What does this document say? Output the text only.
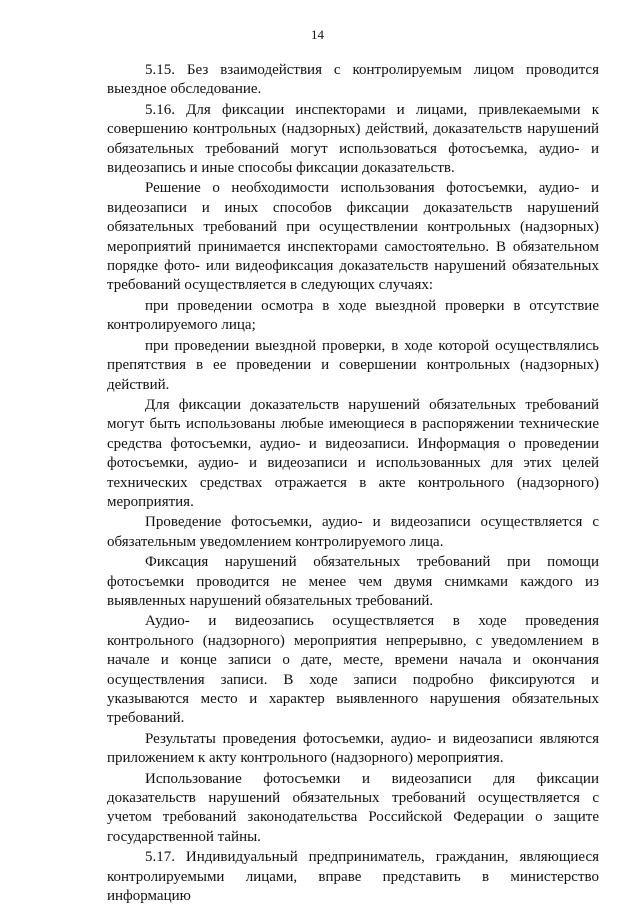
14

5.15. Без взаимодействия с контролируемым лицом проводится выездное обследование.

5.16. Для фиксации инспекторами и лицами, привлекаемыми к совершению контрольных (надзорных) действий, доказательств нарушений обязательных требований могут использоваться фотосъемка, аудио- и видеозапись и иные способы фиксации доказательств.

Решение о необходимости использования фотосъемки, аудио- и видеозаписи и иных способов фиксации доказательств нарушений обязательных требований при осуществлении контрольных (надзорных) мероприятий принимается инспекторами самостоятельно. В обязательном порядке фото- или видеофиксация доказательств нарушений обязательных требований осуществляется в следующих случаях:

при проведении осмотра в ходе выездной проверки в отсутствие контролируемого лица;

при проведении выездной проверки, в ходе которой осуществлялись препятствия в ее проведении и совершении контрольных (надзорных) действий.

Для фиксации доказательств нарушений обязательных требований могут быть использованы любые имеющиеся в распоряжении технические средства фотосъемки, аудио- и видеозаписи. Информация о проведении фотосъемки, аудио- и видеозаписи и использованных для этих целей технических средствах отражается в акте контрольного (надзорного) мероприятия.

Проведение фотосъемки, аудио- и видеозаписи осуществляется с обязательным уведомлением контролируемого лица.

Фиксация нарушений обязательных требований при помощи фотосъемки проводится не менее чем двумя снимками каждого из выявленных нарушений обязательных требований.

Аудио- и видеозапись осуществляется в ходе проведения контрольного (надзорного) мероприятия непрерывно, с уведомлением в начале и конце записи о дате, месте, времени начала и окончания осуществления записи. В ходе записи подробно фиксируются и указываются место и характер выявленного нарушения обязательных требований.

Результаты проведения фотосъемки, аудио- и видеозаписи являются приложением к акту контрольного (надзорного) мероприятия.

Использование фотосъемки и видеозаписи для фиксации доказательств нарушений обязательных требований осуществляется с учетом требований законодательства Российской Федерации о защите государственной тайны.

5.17. Индивидуальный предприниматель, гражданин, являющиеся контролируемыми лицами, вправе представить в министерство информацию
